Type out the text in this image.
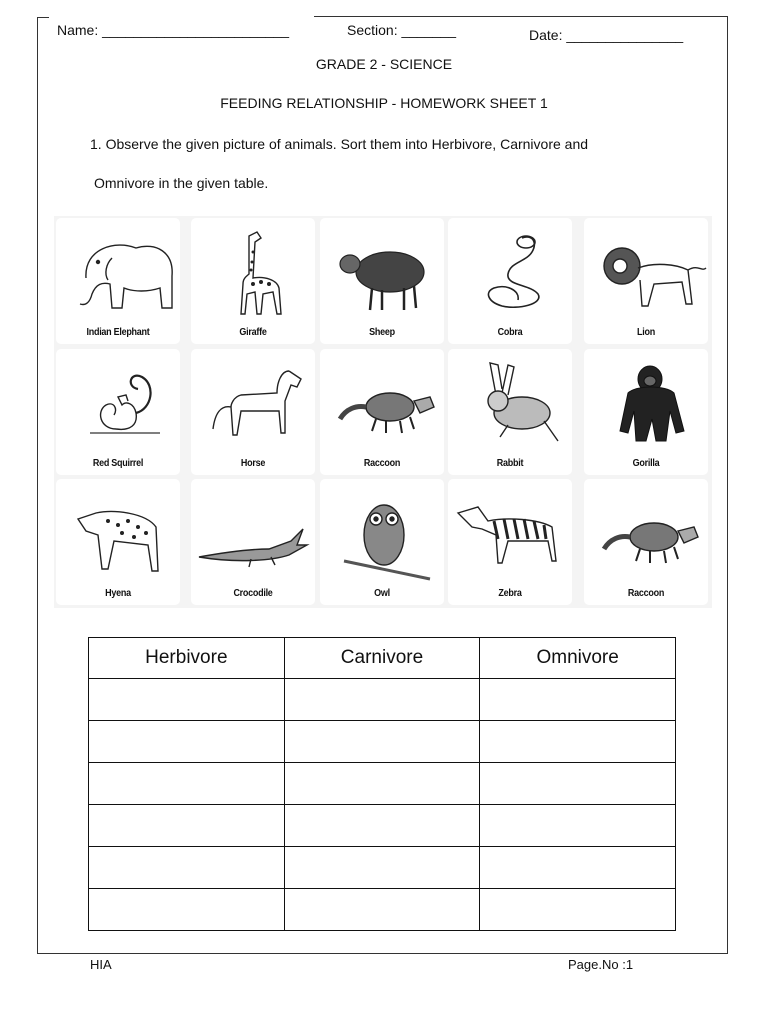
Name: ________________________	Section: _______	Date: _______________
GRADE 2 - SCIENCE
FEEDING RELATIONSHIP - HOMEWORK SHEET 1
1. Observe the given picture of animals. Sort them into Herbivore, Carnivore and
Omnivore in the given table.
Indian Elephant	Giraffe	Sheep	Cobra	Lion
Red Squirrel	Horse	Raccoon	Rabbit	Gorilla
Hyena	Crocodile	Owl	Zebra	Raccoon
Herbivore	Carnivore	Omnivore

HIA	Page.No :1
